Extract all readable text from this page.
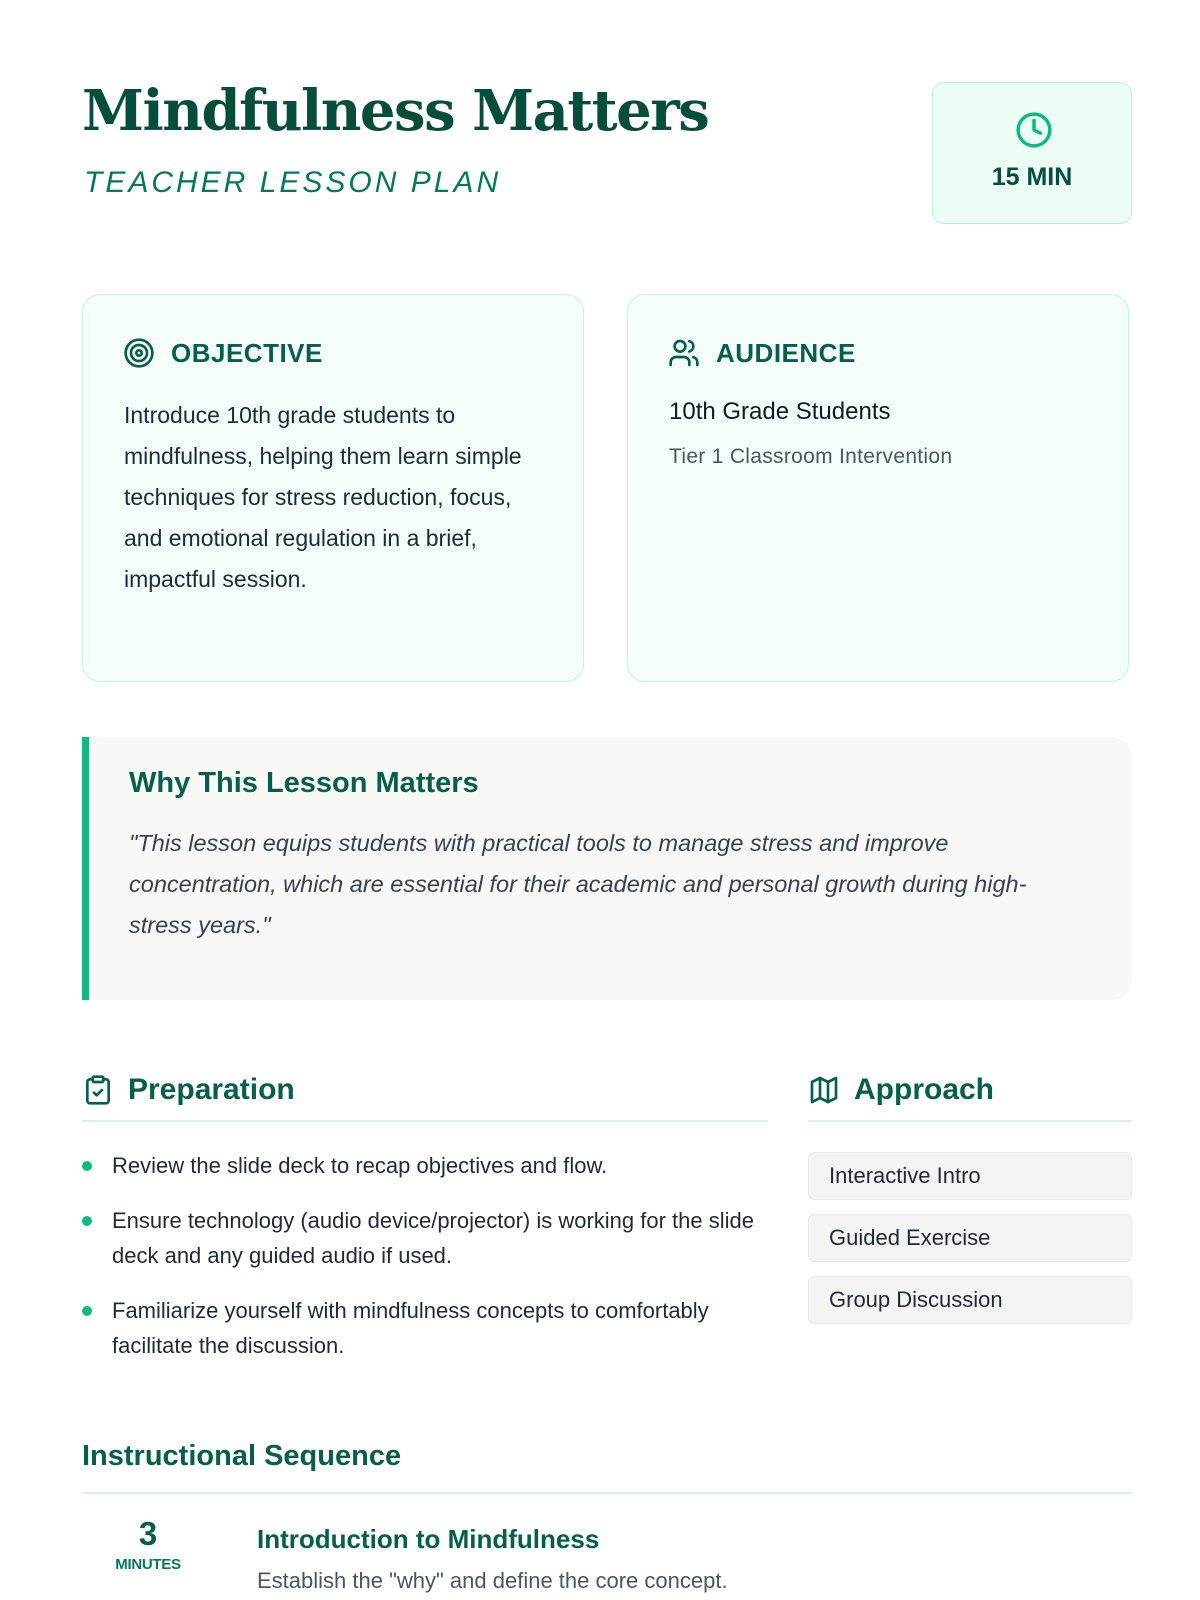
Mindfulness Matters
TEACHER LESSON PLAN	15 MIN
OBJECTIVE

Introduce 10th grade students to mindfulness, helping them learn simple techniques for stress reduction, focus, and emotional regulation in a brief, impactful session.

AUDIENCE
10th Grade Students
Tier 1 Classroom Intervention
Why This Lesson Matters

"This lesson equips students with practical tools to manage stress and improve concentration, which are essential for their academic and personal growth during high-stress years."

Preparation
Review the slide deck to recap objectives and flow.
Ensure technology (audio device/projector) is working for the slide deck and any guided audio if used.
Familiarize yourself with mindfulness concepts to comfortably facilitate the discussion.
Approach
Interactive Intro
Guided Exercise
Group Discussion
Instructional Sequence
3
MINUTES
Introduction to Mindfulness
Establish the "why" and define the core concept.
